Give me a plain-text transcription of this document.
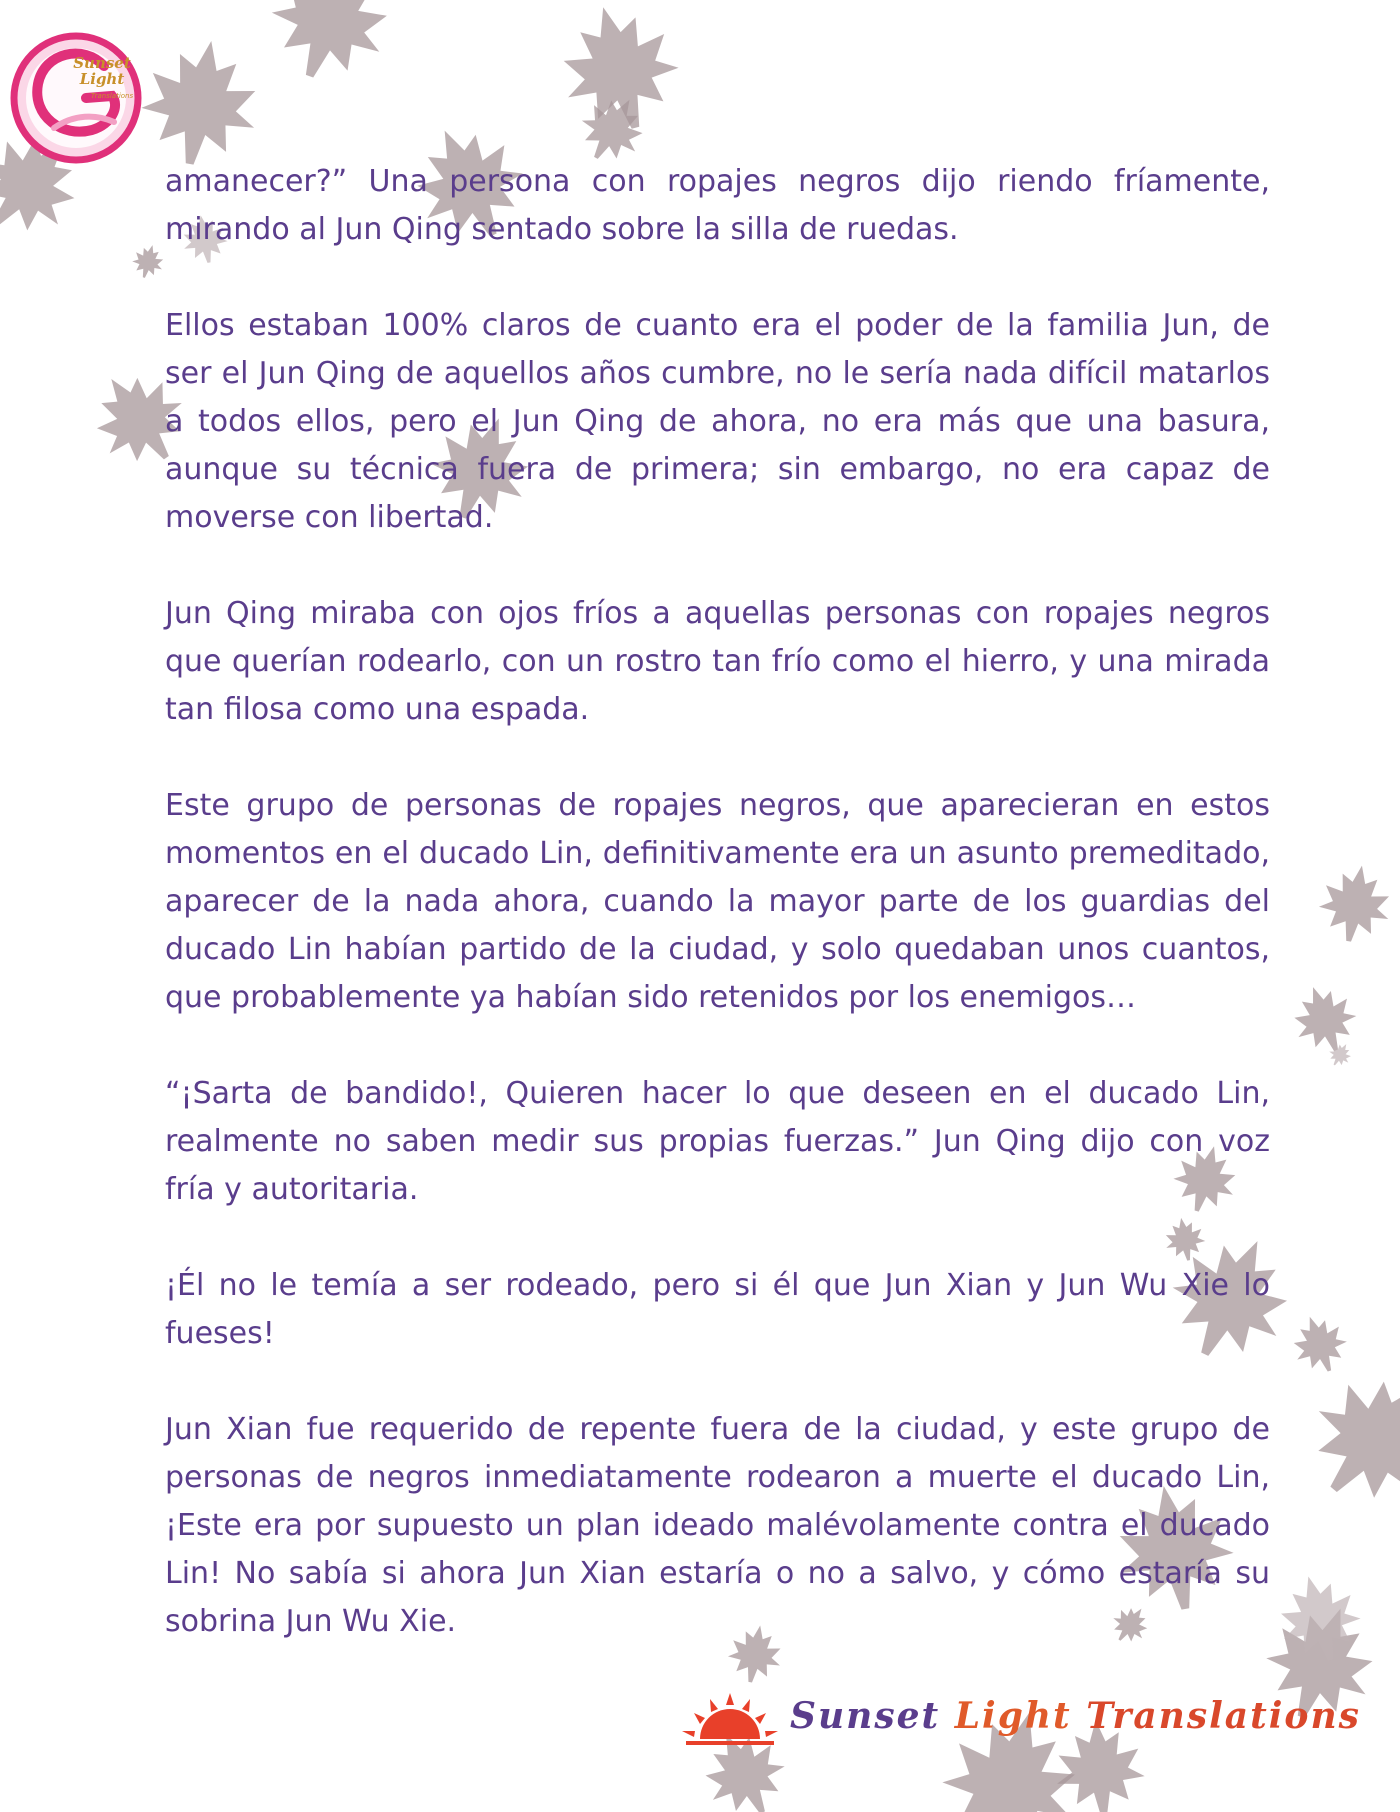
Sunset
Light
Translations

amanecer?” Una persona con ropajes negros dijo riendo fríamente, mirando al Jun Qing sentado sobre la silla de ruedas.

Ellos estaban 100% claros de cuanto era el poder de la familia Jun, de ser el Jun Qing de aquellos años cumbre, no le sería nada difícil matarlos a todos ellos, pero el Jun Qing de ahora, no era más que una basura, aunque su técnica fuera de primera; sin embargo, no era capaz de moverse con libertad.

Jun Qing miraba con ojos fríos a aquellas personas con ropajes negros que querían rodearlo, con un rostro tan frío como el hierro, y una mirada tan filosa como una espada.

Este grupo de personas de ropajes negros, que aparecieran en estos momentos en el ducado Lin, definitivamente era un asunto premeditado, aparecer de la nada ahora, cuando la mayor parte de los guardias del ducado Lin habían partido de la ciudad, y solo quedaban unos cuantos, que probablemente ya habían sido retenidos por los enemigos…

“¡Sarta de bandido!, Quieren hacer lo que deseen en el ducado Lin, realmente no saben medir sus propias fuerzas.” Jun Qing dijo con voz fría y autoritaria.

¡Él no le temía a ser rodeado, pero si él que Jun Xian y Jun Wu Xie lo fueses!

Jun Xian fue requerido de repente fuera de la ciudad, y este grupo de personas de negros inmediatamente rodearon a muerte el ducado Lin, ¡Este era por supuesto un plan ideado malévolamente contra el ducado Lin! No sabía si ahora Jun Xian estaría o no a salvo, y cómo estaría su sobrina Jun Wu Xie.

Sunset Light Translations
